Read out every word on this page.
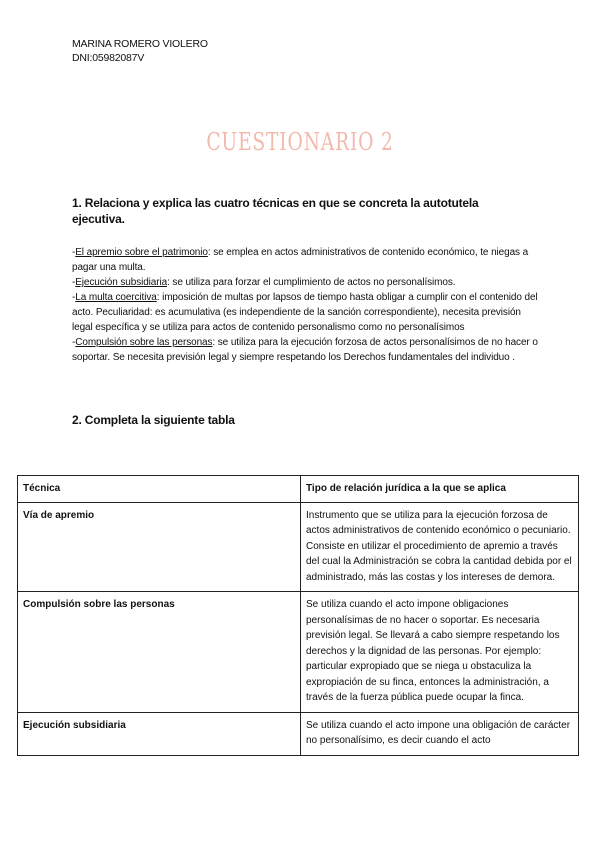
MARINA ROMERO VIOLERO
DNI:05982087V
CUESTIONARIO 2
1. Relaciona y explica las cuatro técnicas en que se concreta la autotutela ejecutiva.

-El apremio sobre el patrimonio: se emplea en actos administrativos de contenido económico, te niegas a pagar una multa.

-Ejecución subsidiaria: se utiliza para forzar el cumplimiento de actos no personalísimos.

-La multa coercitiva: imposición de multas por lapsos de tiempo hasta obligar a cumplir con el contenido del acto. Peculiaridad: es acumulativa (es independiente de la sanción correspondiente), necesita previsión legal específica y se utiliza para actos de contenido personalismo como no personalísimos

-Compulsión sobre las personas: se utiliza para la ejecución forzosa de actos personalísimos de no hacer o soportar. Se necesita previsión legal y siempre respetando los Derechos fundamentales del individuo .

2. Completa la siguiente tabla
Técnica	Tipo de relación jurídica a la que se aplica
Vía de apremio	Instrumento que se utiliza para la ejecución forzosa de actos administrativos de contenido económico o pecuniario. Consiste en utilizar el procedimiento de apremio a través del cual la Administración se cobra la cantidad debida por el administrado, más las costas y los intereses de demora.
Compulsión sobre las personas	Se utiliza cuando el acto impone obligaciones personalísimas de no hacer o soportar. Es necesaria previsión legal. Se llevará a cabo siempre respetando los derechos y la dignidad de las personas. Por ejemplo: particular expropiado que se niega u obstaculiza la expropiación de su finca, entonces la administración, a través de la fuerza pública puede ocupar la finca.
Ejecución subsidiaria	Se utiliza cuando el acto impone una obligación de carácter no personalísimo, es decir cuando el acto
